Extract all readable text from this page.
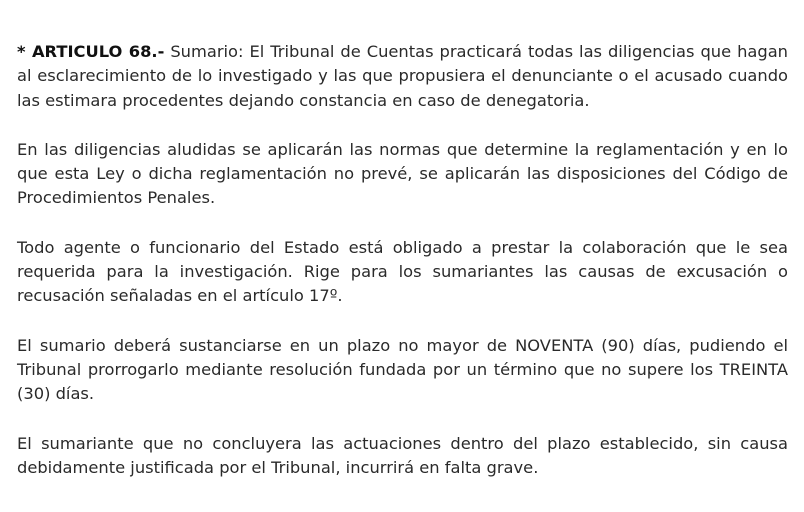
* ARTICULO 68.- Sumario: El Tribunal de Cuentas practicará todas las diligencias que hagan al esclarecimiento de lo investigado y las que propusiera el denunciante o el acusado cuando las estimara procedentes dejando constancia en caso de denegatoria.

En las diligencias aludidas se aplicarán las normas que determine la reglamentación y en lo que esta Ley o dicha reglamentación no prevé, se aplicarán las disposiciones del Código de Procedimientos Penales.

Todo agente o funcionario del Estado está obligado a prestar la colaboración que le sea requerida para la investigación. Rige para los sumariantes las causas de excusación o recusación señaladas en el artículo 17º.

El sumario deberá sustanciarse en un plazo no mayor de NOVENTA (90) días, pudiendo el Tribunal prorrogarlo mediante resolución fundada por un término que no supere los TREINTA (30) días.

El sumariante que no concluyera las actuaciones dentro del plazo establecido, sin causa debidamente justificada por el Tribunal, incurrirá en falta grave.
